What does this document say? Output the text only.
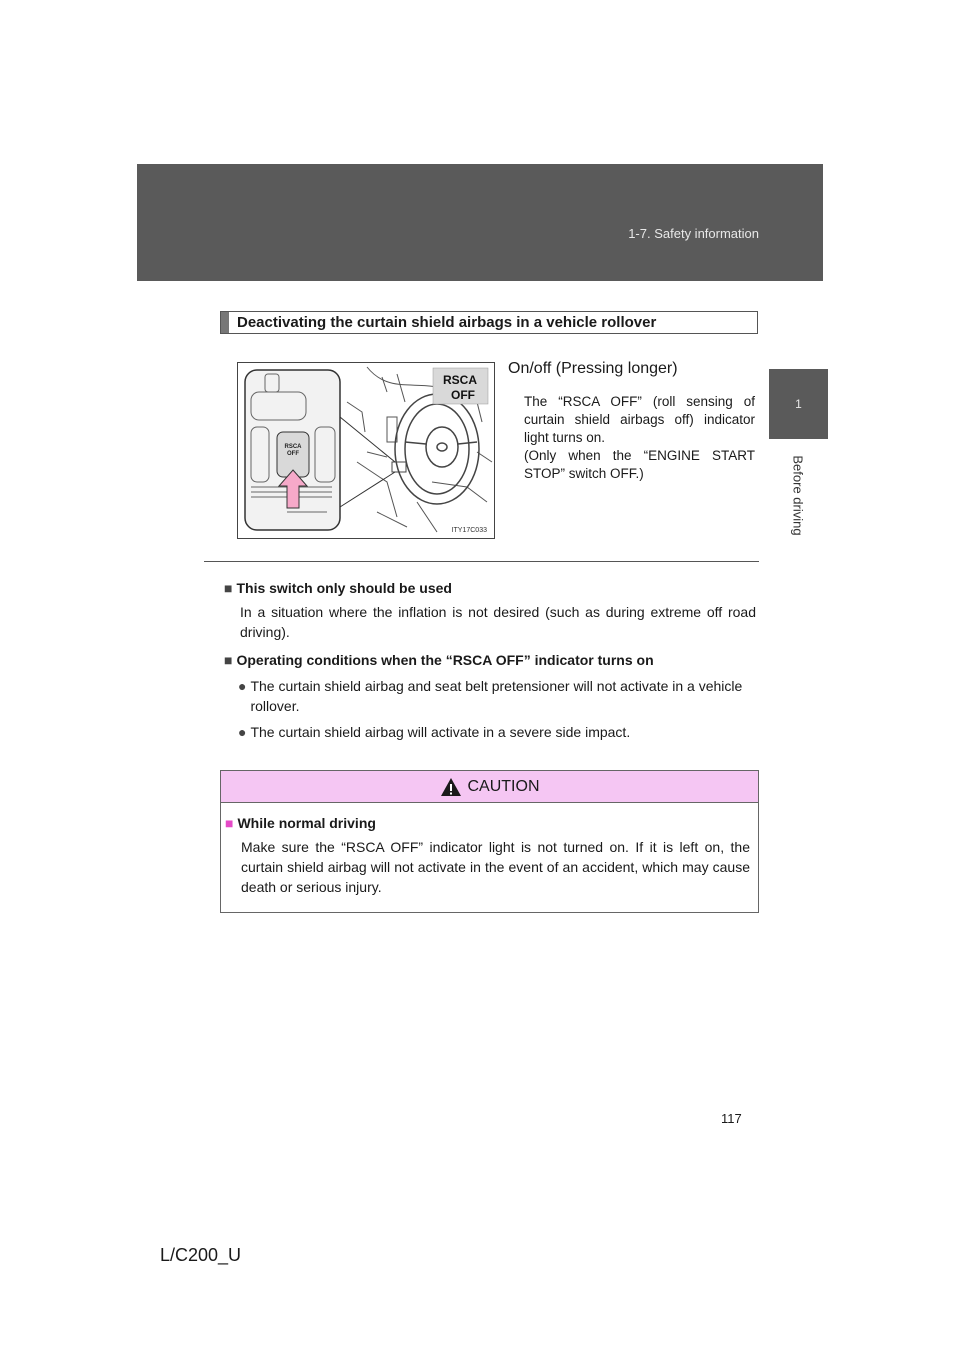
1-7. Safety information
1
Before driving
Deactivating the curtain shield airbags in a vehicle rollover
RSCA
OFF
RSCA
OFF
ITY17C033
On/off (Pressing longer)

The “RSCA OFF” (roll sensing of curtain shield airbags off) indicator light turns on.

(Only when the “ENGINE START STOP” switch OFF.)

■ This switch only should be used

In a situation where the inflation is not desired (such as during extreme off road driving).

■ Operating conditions when the “RSCA OFF” indicator turns on

● The curtain shield airbag and seat belt pretensioner will not activate in a vehicle rollover.
● The curtain shield airbag will activate in a severe side impact.
CAUTION

■ While normal driving

Make sure the “RSCA OFF” indicator light is not turned on. If it is left on, the curtain shield airbag will not activate in the event of an accident, which may cause death or serious injury.

117
L/C200_U
